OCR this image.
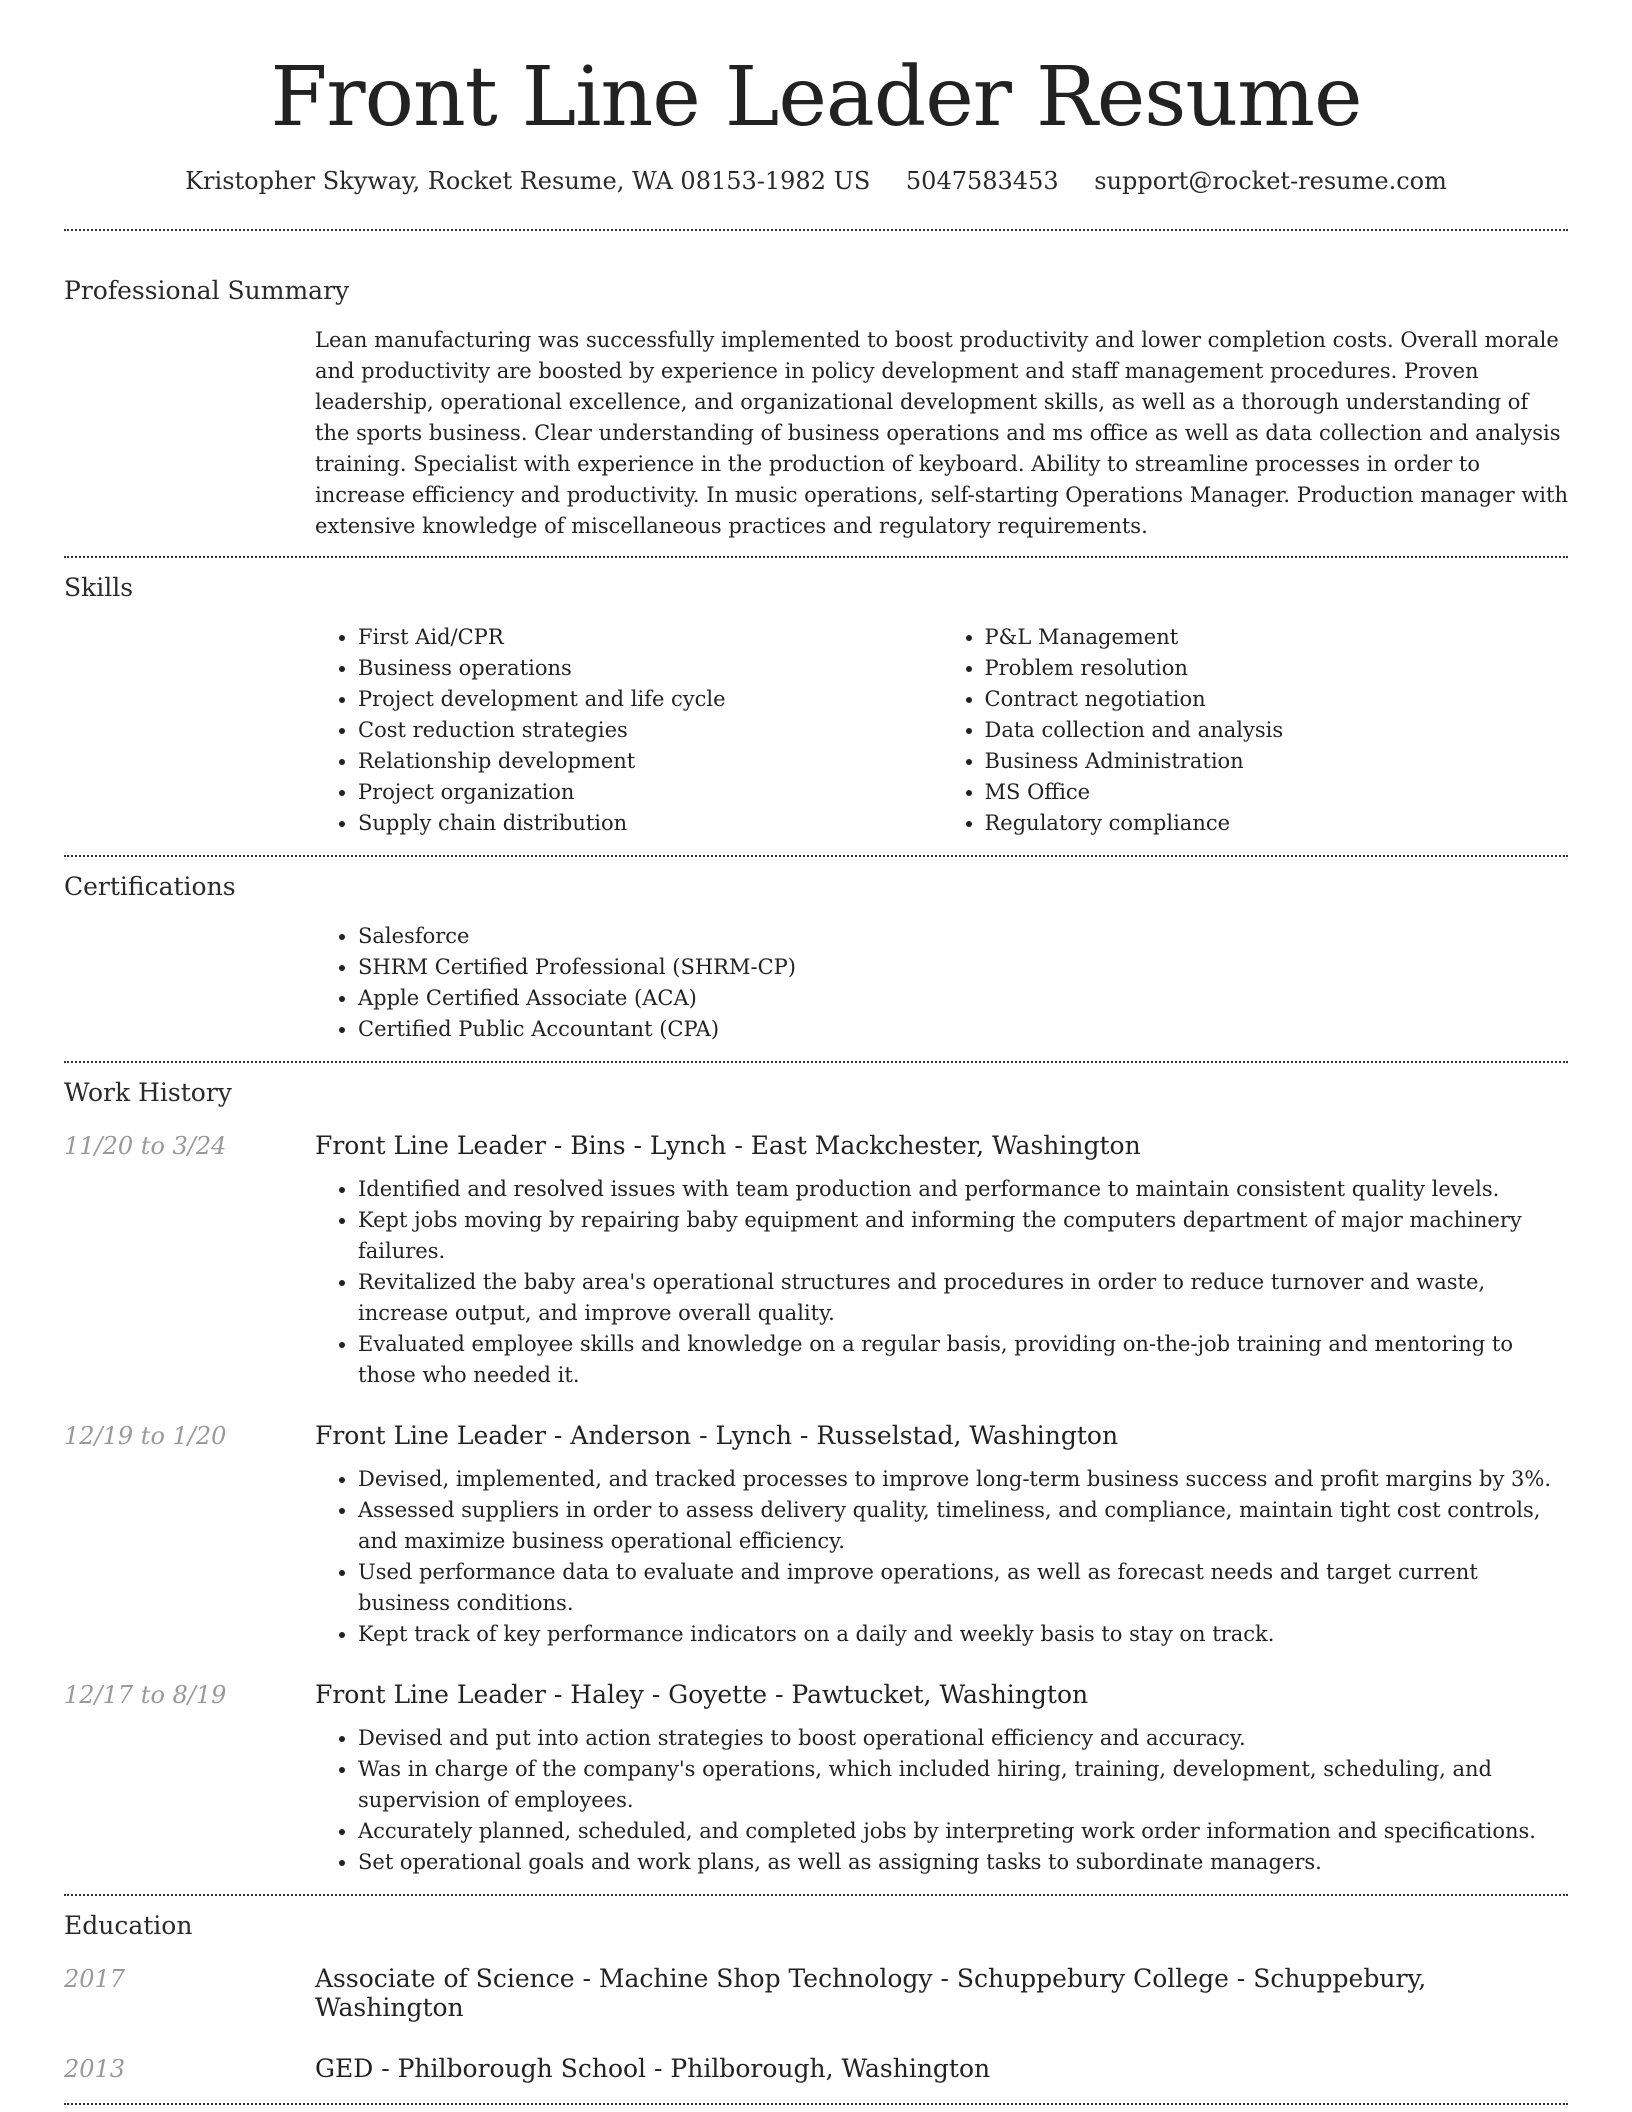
Front Line Leader Resume
Kristopher Skyway, Rocket Resume, WA 08153-1982 US 5047583453 support@rocket-resume.com
Professional Summary

Lean manufacturing was successfully implemented to boost productivity and lower completion costs. Overall morale and productivity are boosted by experience in policy development and staff management procedures. Proven leadership, operational excellence, and organizational development skills, as well as a thorough understanding of the sports business. Clear understanding of business operations and ms office as well as data collection and analysis training. Specialist with experience in the production of keyboard. Ability to streamline processes in order to increase efficiency and productivity. In music operations, self-starting Operations Manager. Production manager with extensive knowledge of miscellaneous practices and regulatory requirements.

Skills
• First Aid/CPR
• Business operations
• Project development and life cycle
• Cost reduction strategies
• Relationship development
• Project organization
• Supply chain distribution
• P&L Management
• Problem resolution
• Contract negotiation
• Data collection and analysis
• Business Administration
• MS Office
• Regulatory compliance
Certifications
• Salesforce
• SHRM Certified Professional (SHRM-CP)
• Apple Certified Associate (ACA)
• Certified Public Accountant (CPA)
Work History
11/20 to 3/24	Front Line Leader - Bins - Lynch - East Mackchester, Washington
• Identified and resolved issues with team production and performance to maintain consistent quality levels.
• Kept jobs moving by repairing baby equipment and informing the computers department of major machinery failures.
• Revitalized the baby area's operational structures and procedures in order to reduce turnover and waste, increase output, and improve overall quality.
• Evaluated employee skills and knowledge on a regular basis, providing on-the-job training and mentoring to those who needed it.
12/19 to 1/20	Front Line Leader - Anderson - Lynch - Russelstad, Washington
• Devised, implemented, and tracked processes to improve long-term business success and profit margins by 3%.
• Assessed suppliers in order to assess delivery quality, timeliness, and compliance, maintain tight cost controls, and maximize business operational efficiency.
• Used performance data to evaluate and improve operations, as well as forecast needs and target current business conditions.
• Kept track of key performance indicators on a daily and weekly basis to stay on track.
12/17 to 8/19	Front Line Leader - Haley - Goyette - Pawtucket, Washington
• Devised and put into action strategies to boost operational efficiency and accuracy.
• Was in charge of the company's operations, which included hiring, training, development, scheduling, and supervision of employees.
• Accurately planned, scheduled, and completed jobs by interpreting work order information and specifications.
• Set operational goals and work plans, as well as assigning tasks to subordinate managers.
Education
2017	Associate of Science - Machine Shop Technology - Schuppebury College - Schuppebury, Washington
2013	GED - Philborough School - Philborough, Washington
